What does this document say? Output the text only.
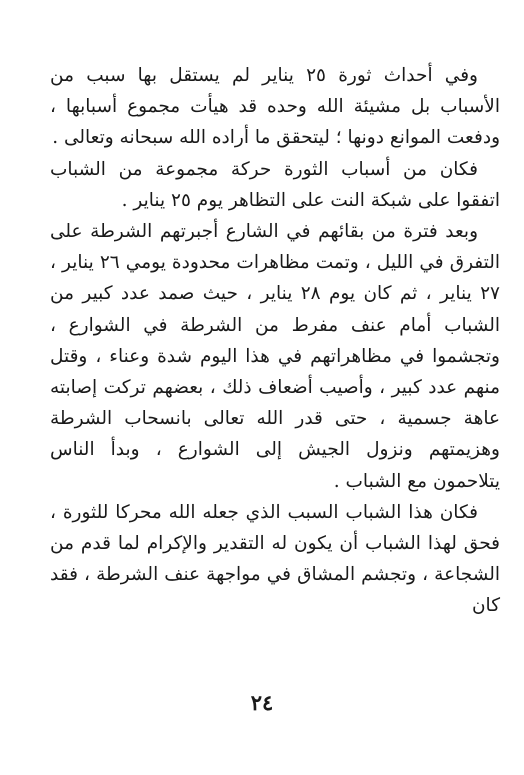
وفي أحداث ثورة ٢٥ يناير لم يستقل بها سبب من الأسباب بل مشيئة الله وحده قد هيأت مجموع أسبابها ، ودفعت الموانع دونها ؛ ليتحقق ما أراده الله سبحانه وتعالى .

فكان من أسباب الثورة حركة مجموعة من الشباب اتفقوا على شبكة النت على التظاهر يوم ٢٥ يناير .

وبعد فترة من بقائهم في الشارع أجبرتهم الشرطة على التفرق في الليل ، وتمت مظاهرات محدودة يومي ٢٦ يناير ، ٢٧ يناير ، ثم كان يوم ٢٨ يناير ، حيث صمد عدد كبير من الشباب أمام عنف مفرط من الشرطة في الشوارع ، وتجشموا في مظاهراتهم في هذا اليوم شدة وعناء ، وقتل منهم عدد كبير ، وأصيب أضعاف ذلك ، بعضهم تركت إصابته عاهة جسمية ، حتى قدر الله تعالى بانسحاب الشرطة وهزيمتهم ونزول الجيش إلى الشوارع ، وبدأ الناس يتلاحمون مع الشباب .

فكان هذا الشباب السبب الذي جعله الله محركا للثورة ، فحق لهذا الشباب أن يكون له التقدير والإكرام لما قدم من الشجاعة ، وتجشم المشاق في مواجهة عنف الشرطة ، فقد كان

٢٤
